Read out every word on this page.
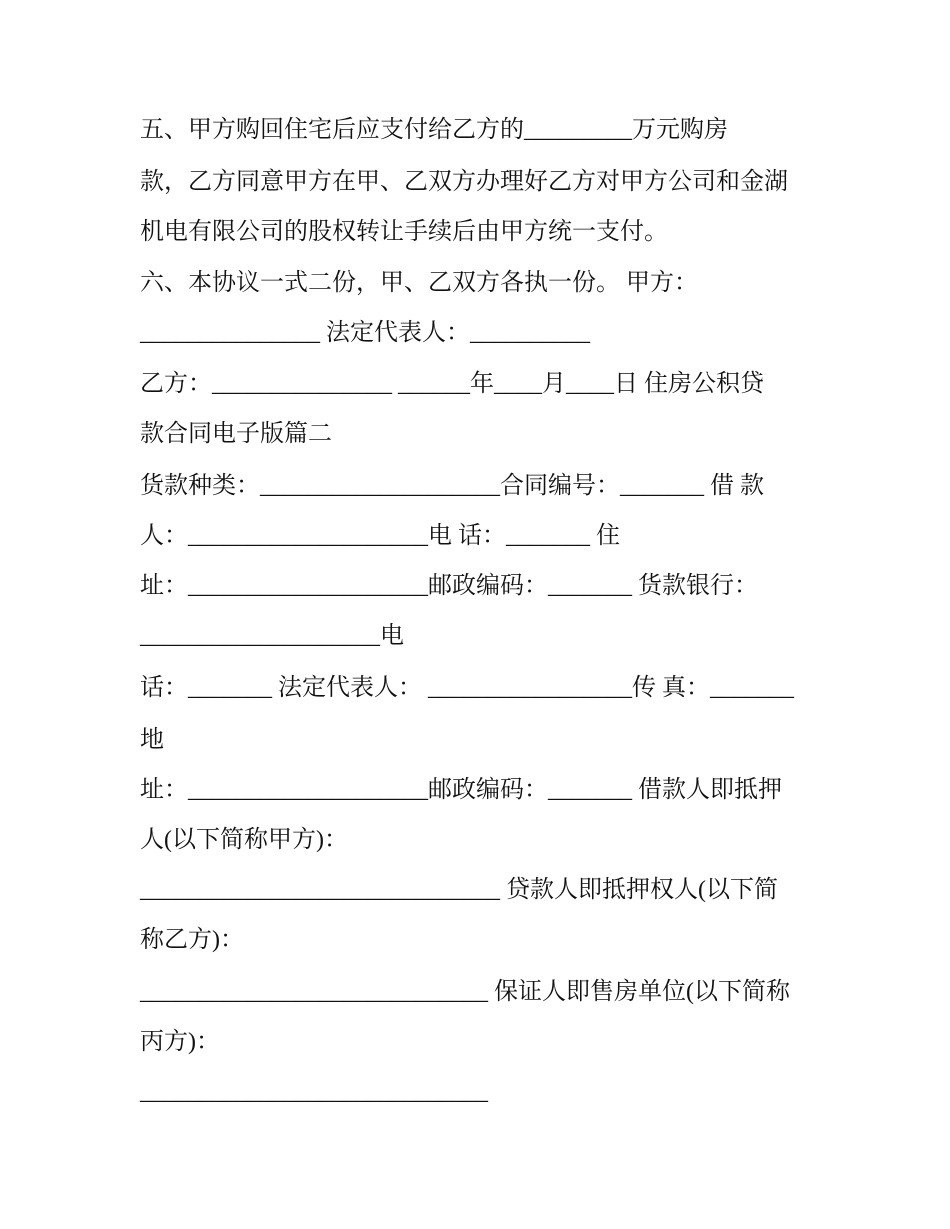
五、甲方购回住宅后应支付给乙方的_________万元购房
款，乙方同意甲方在甲、乙双方办理好乙方对甲方公司和金湖
机电有限公司的股权转让手续后由甲方统一支付。
六、本协议一式二份，甲、乙双方各执一份。 甲方：
_______________ 法定代表人：__________
乙方：_______________ ______年____月____日 住房公积贷
款合同电子版篇二
货款种类：____________________合同编号：_______ 借 款
人：____________________电 话：_______ 住
址：____________________邮政编码：_______ 货款银行：
____________________电
话：_______ 法定代表人： _________________传 真：_______
地
址：____________________邮政编码：_______ 借款人即抵押
人(以下简称甲方)：
______________________________ 贷款人即抵押权人(以下简
称乙方)：
_____________________________ 保证人即售房单位(以下简称
丙方)：
_____________________________
